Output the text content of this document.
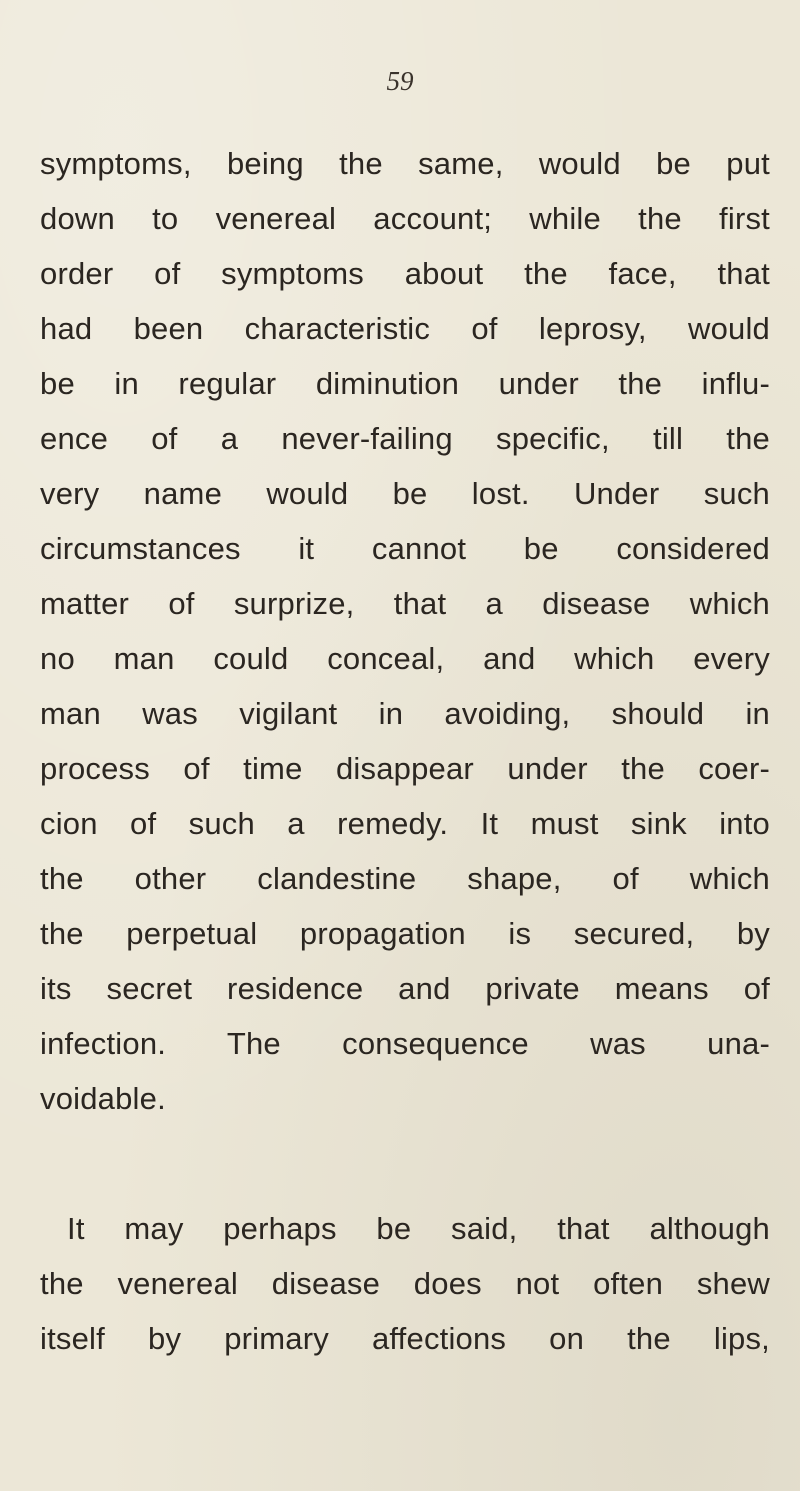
59
symptoms, being the same, would be put
down to venereal account; while the first
order of symptoms about the face, that
had been characteristic of leprosy, would
be in regular diminution under the influ-
ence of a never-failing specific, till the
very name would be lost. Under such
circumstances it cannot be considered
matter of surprize, that a disease which
no man could conceal, and which every
man was vigilant in avoiding, should in
process of time disappear under the coer-
cion of such a remedy. It must sink into
the other clandestine shape, of which
the perpetual propagation is secured, by
its secret residence and private means of
infection. The consequence was una-
voidable.
It may perhaps be said, that although
the venereal disease does not often shew
itself by primary affections on the lips,
